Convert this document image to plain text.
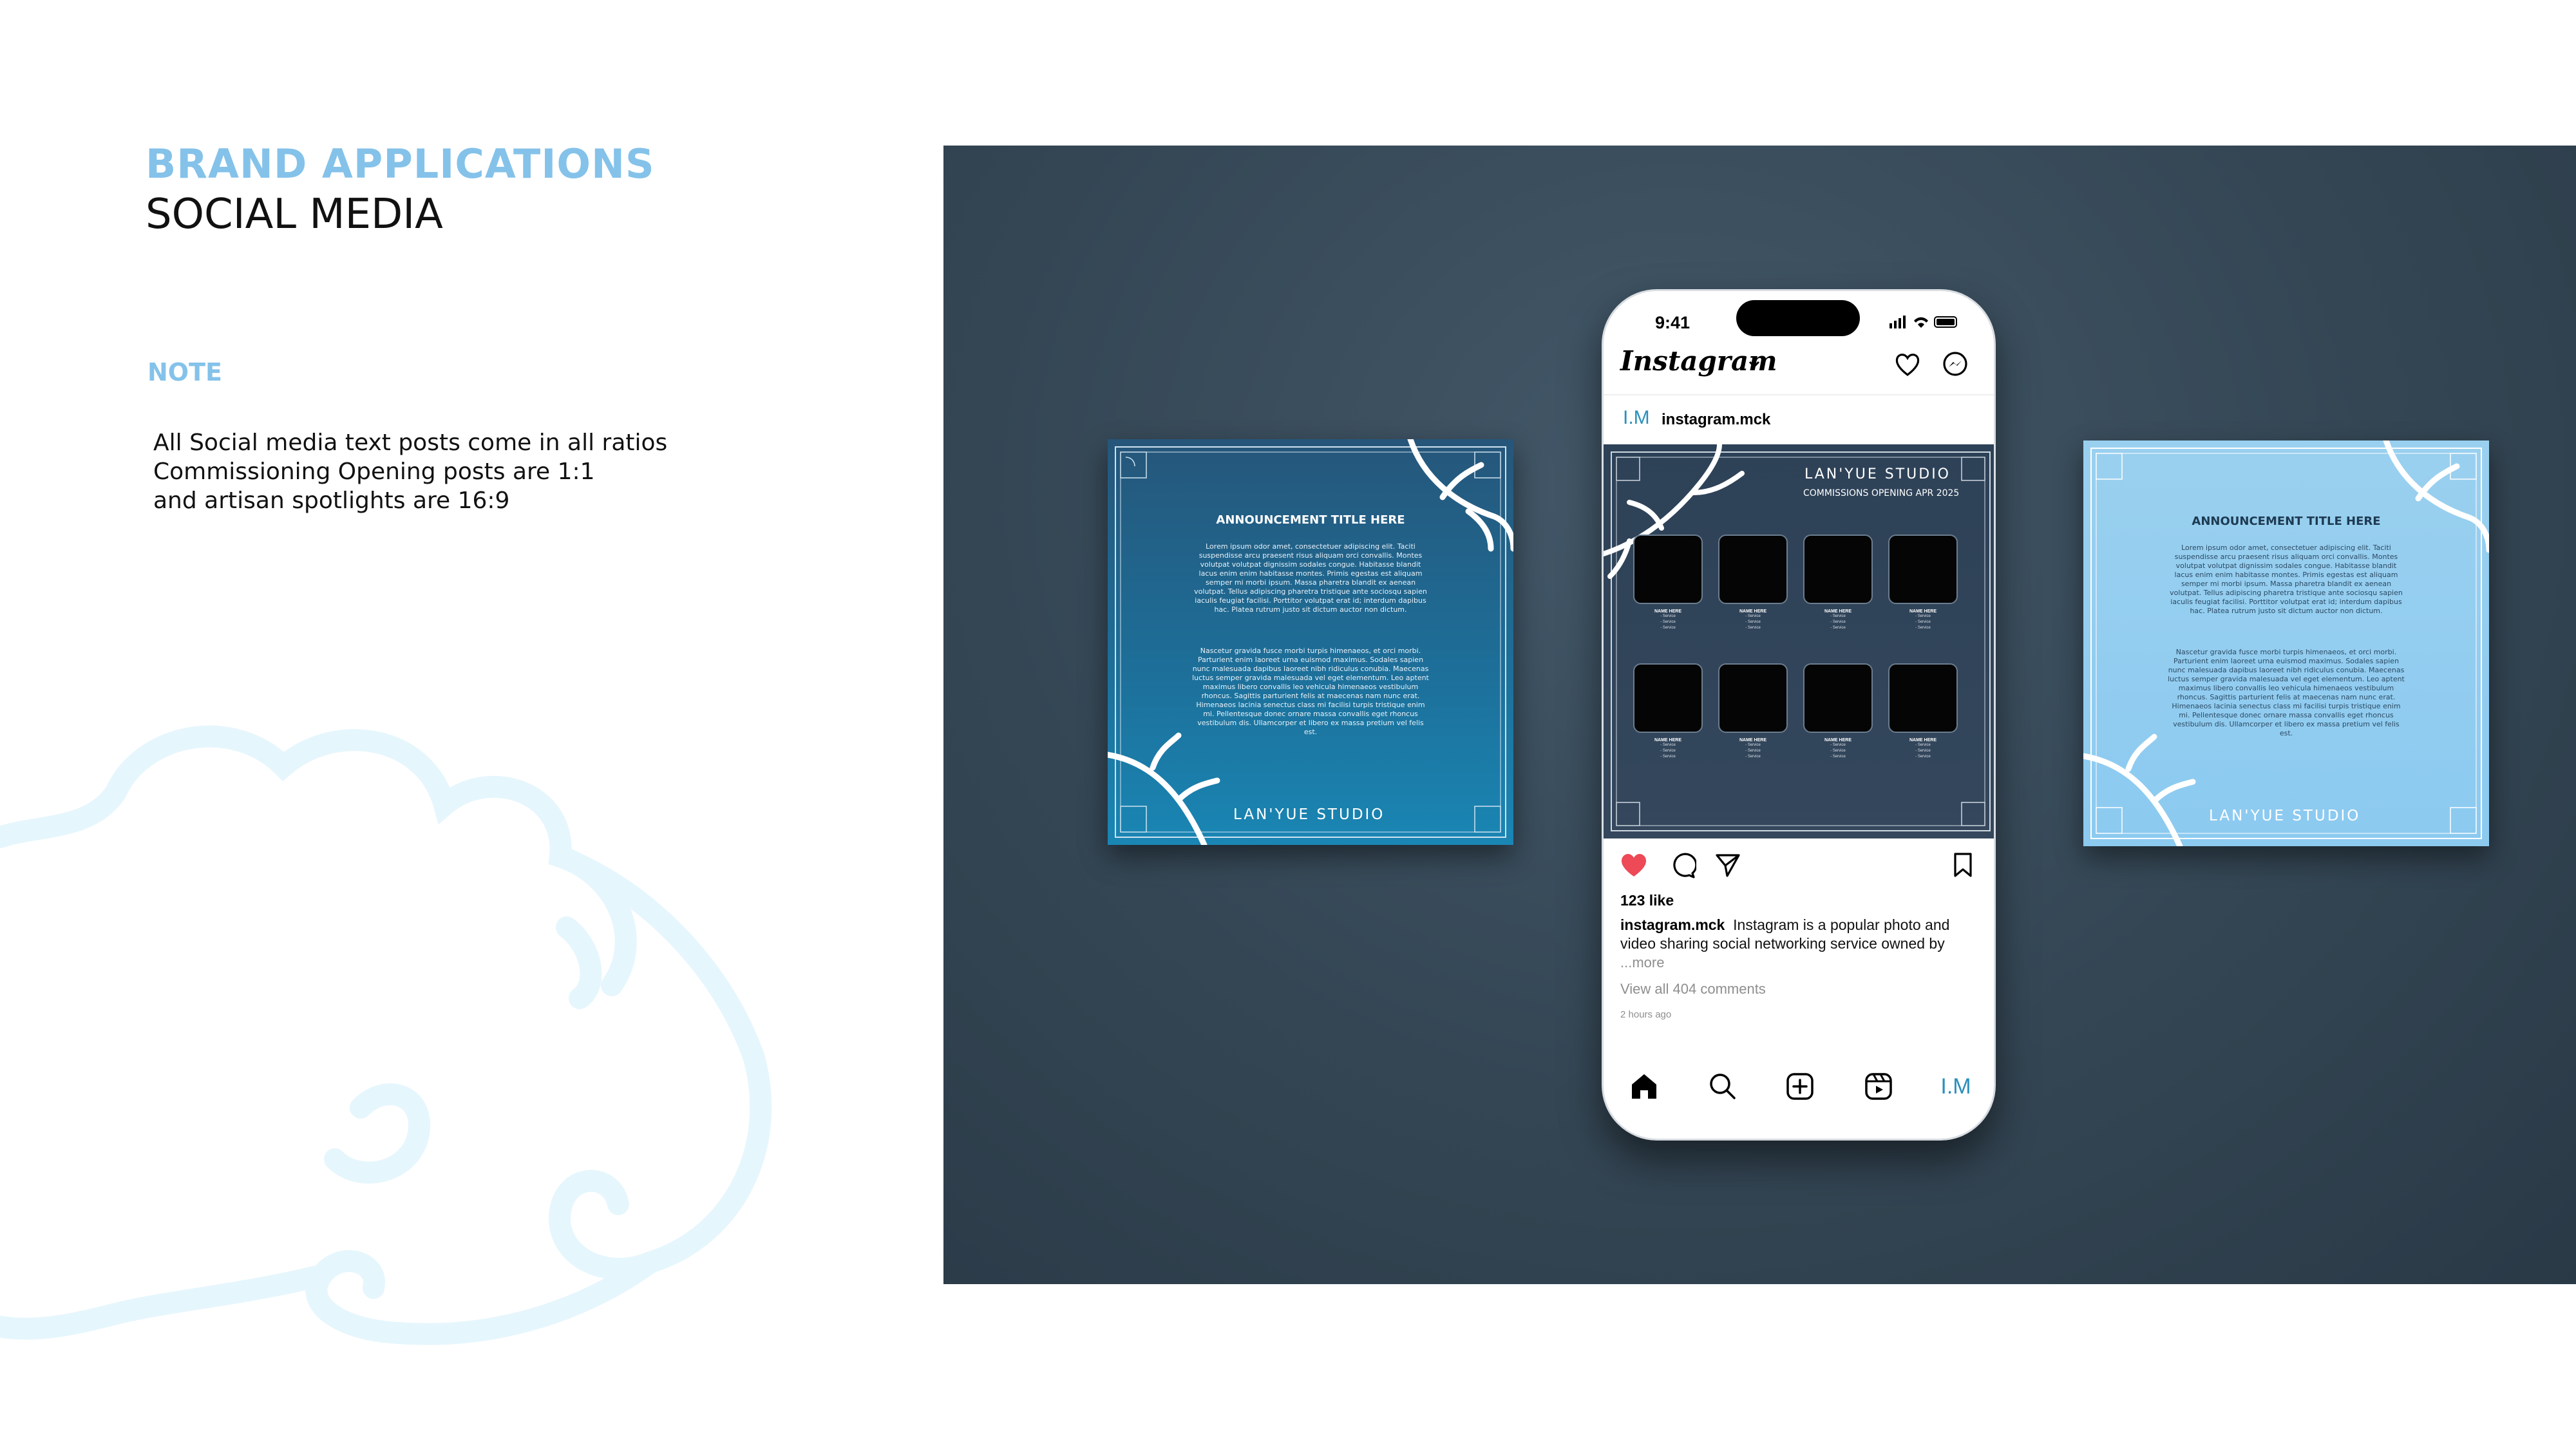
BRAND APPLICATIONS
SOCIAL MEDIA
NOTE
All Social media text posts come in all ratios
Commissioning Opening posts are 1:1
and artisan spotlights are 16:9
ANNOUNCEMENT TITLE HERE
Lorem ipsum odor amet, consectetuer adipiscing elit. Taciti suspendisse arcu praesent risus aliquam orci convallis. Montes volutpat volutpat dignissim sodales congue. Habitasse blandit lacus enim enim habitasse montes. Primis egestas est aliquam semper mi morbi ipsum. Massa pharetra blandit ex aenean volutpat. Tellus adipiscing pharetra tristique ante sociosqu sapien iaculis feugiat facilisi. Porttitor volutpat erat id; interdum dapibus hac. Platea rutrum justo sit dictum auctor non dictum.
Nascetur gravida fusce morbi turpis himenaeos, et orci morbi. Parturient enim laoreet urna euismod maximus. Sodales sapien nunc malesuada dapibus laoreet nibh ridiculus conubia. Maecenas luctus semper gravida malesuada vel eget elementum. Leo aptent maximus libero convallis leo vehicula himenaeos vestibulum rhoncus. Sagittis parturient felis at maecenas nam nunc erat. Himenaeos lacinia senectus class mi facilisi turpis tristique enim mi. Pellentesque donec ornare massa convallis eget rhoncus vestibulum dis. Ullamcorper et libero ex massa pretium vel felis est.
LAN'YUE STUDIO
ANNOUNCEMENT TITLE HERE
Lorem ipsum odor amet, consectetuer adipiscing elit. Taciti suspendisse arcu praesent risus aliquam orci convallis. Montes volutpat volutpat dignissim sodales congue. Habitasse blandit lacus enim enim habitasse montes. Primis egestas est aliquam semper mi morbi ipsum. Massa pharetra blandit ex aenean volutpat. Tellus adipiscing pharetra tristique ante sociosqu sapien iaculis feugiat facilisi. Porttitor volutpat erat id; interdum dapibus hac. Platea rutrum justo sit dictum auctor non dictum.
Nascetur gravida fusce morbi turpis himenaeos, et orci morbi. Parturient enim laoreet urna euismod maximus. Sodales sapien nunc malesuada dapibus laoreet nibh ridiculus conubia. Maecenas luctus semper gravida malesuada vel eget elementum. Leo aptent maximus libero convallis leo vehicula himenaeos vestibulum rhoncus. Sagittis parturient felis at maecenas nam nunc erat. Himenaeos lacinia senectus class mi facilisi turpis tristique enim mi. Pellentesque donec ornare massa convallis eget rhoncus vestibulum dis. Ullamcorper et libero ex massa pretium vel felis est.
LAN'YUE STUDIO
9:41
Instagram
I.M instagram.mck
LAN'YUE STUDIO
COMMISSIONS OPENING APR 2025
NAME HERE
- Service
- Service
- Service
NAME HERE
- Service
- Service
- Service
NAME HERE
- Service
- Service
- Service
NAME HERE
- Service
- Service
- Service
NAME HERE
- Service
- Service
- Service
NAME HERE
- Service
- Service
- Service
NAME HERE
- Service
- Service
- Service
NAME HERE
- Service
- Service
- Service
123 like
instagram.mck Instagram is a popular photo and video sharing social networking service owned by
...more
View all 404 comments
2 hours ago
I.M
